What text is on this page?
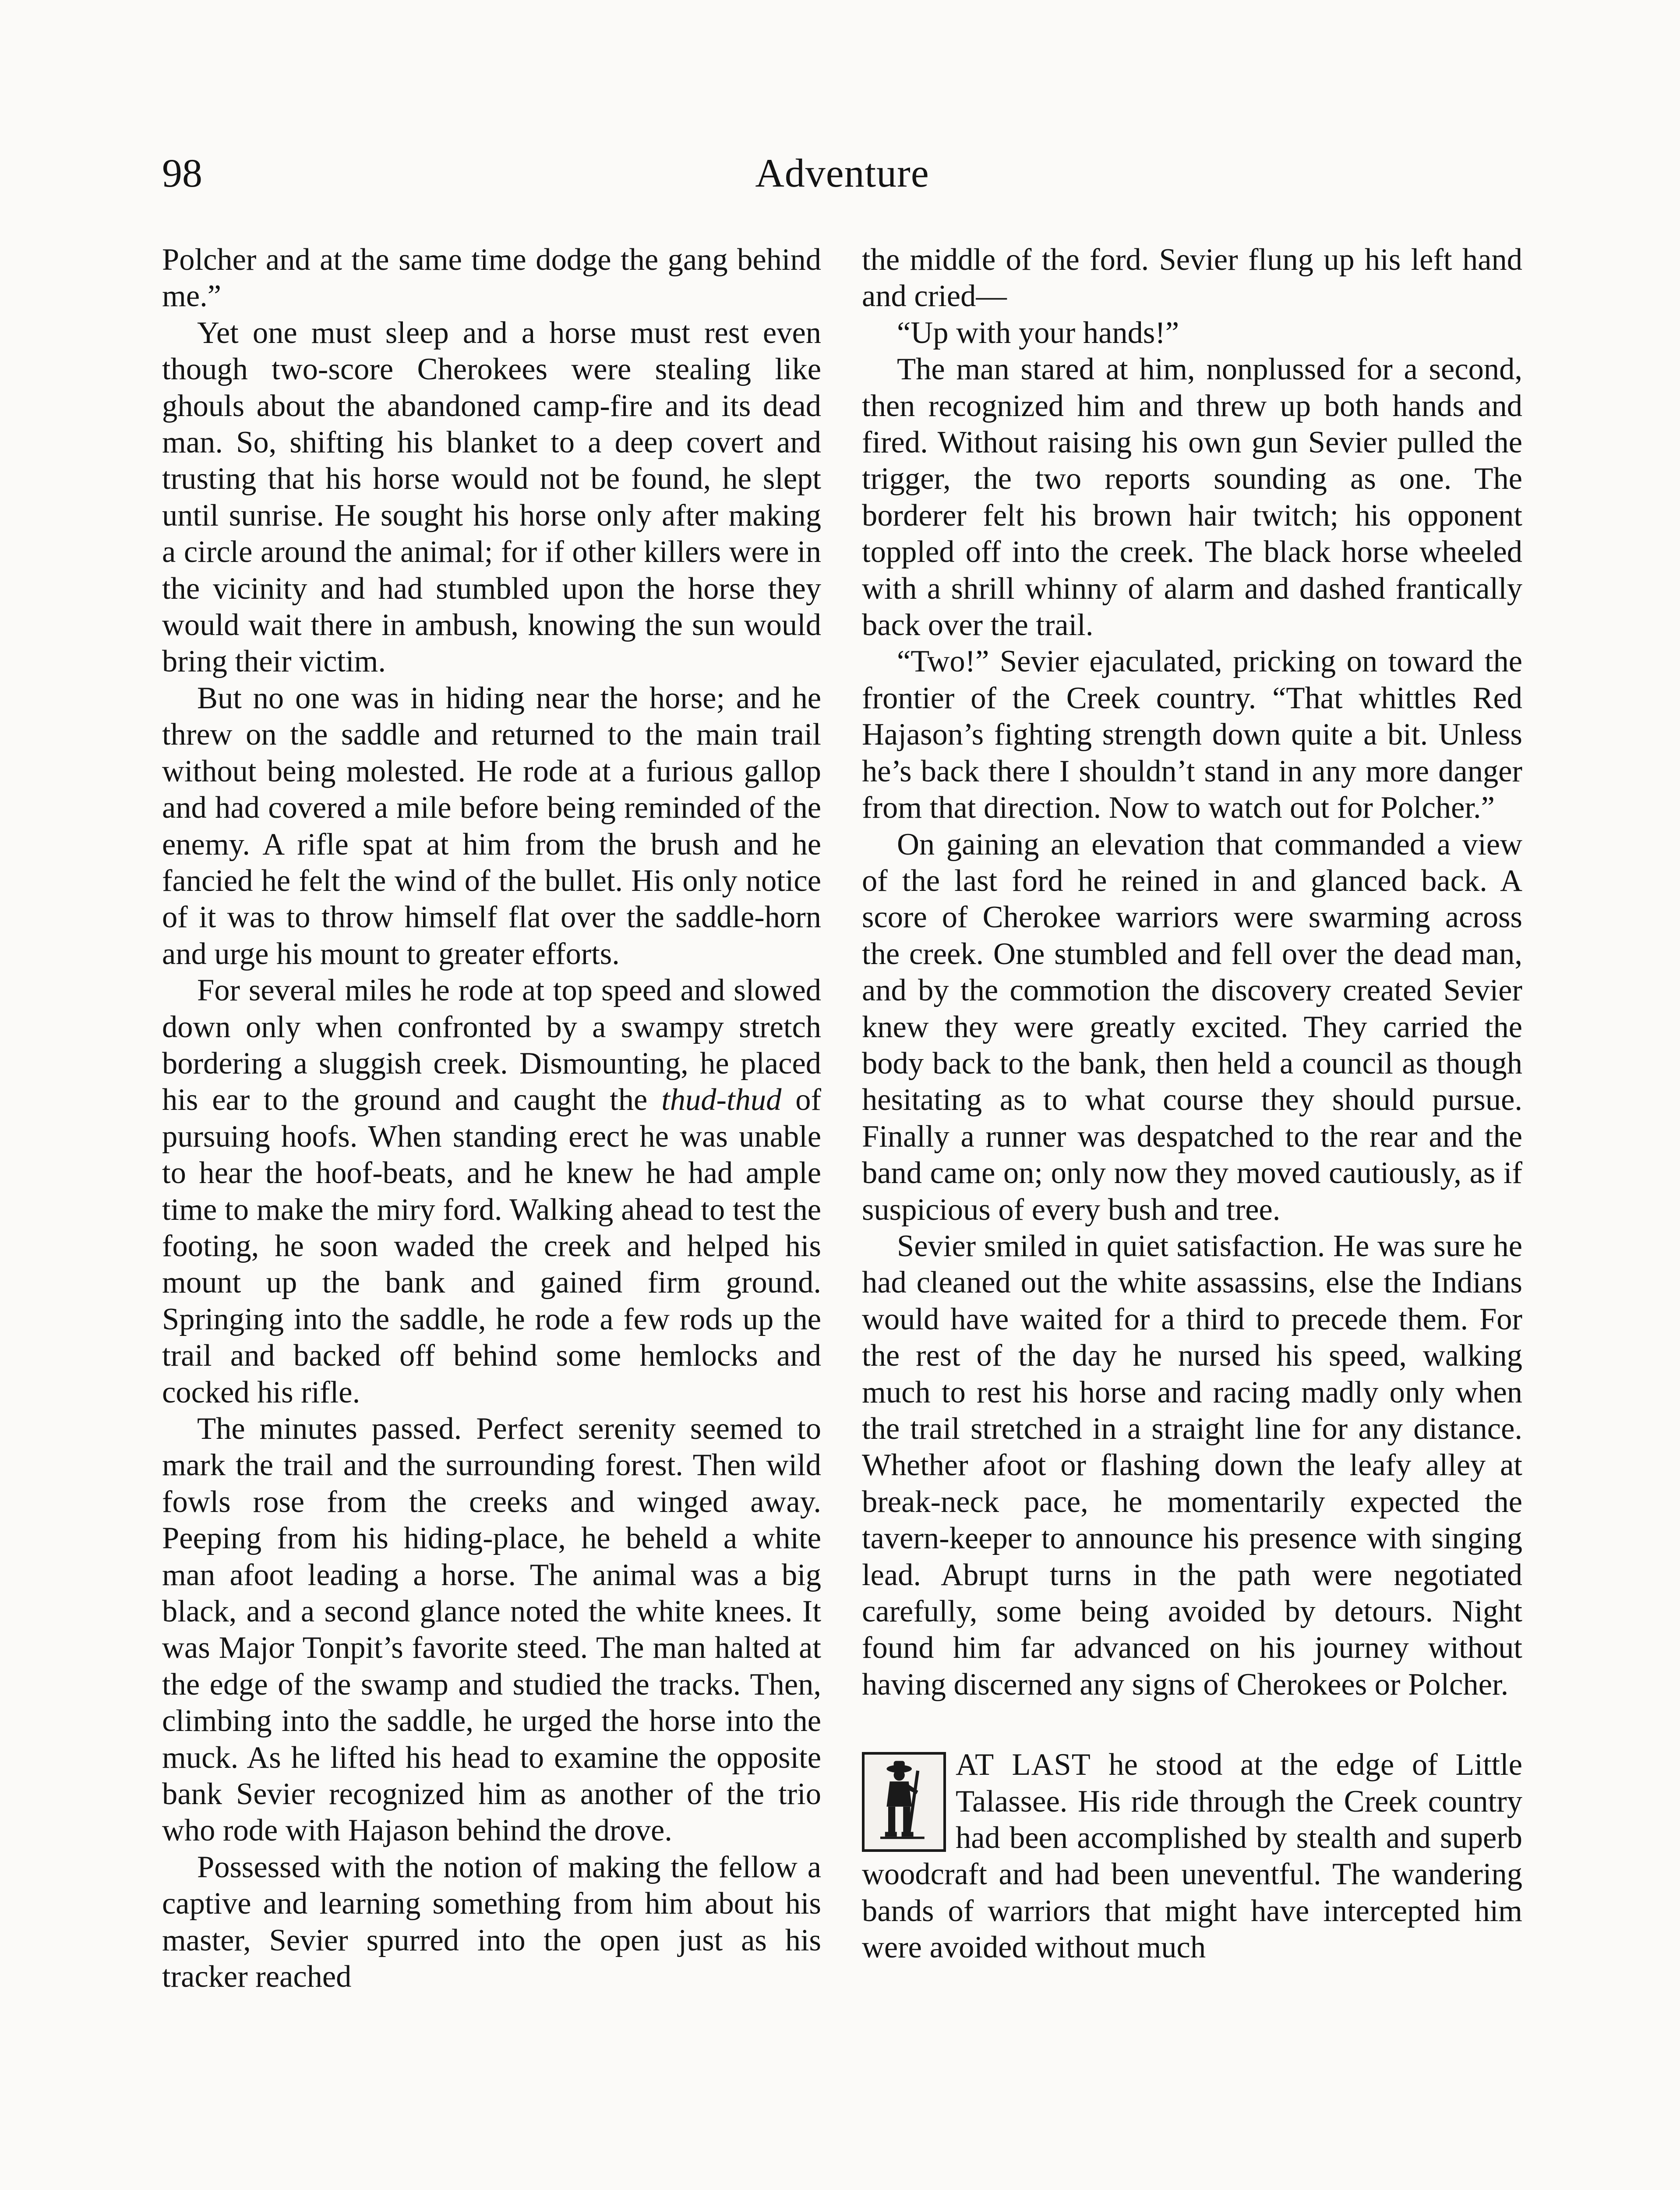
98	Adventure

Polcher and at the same time dodge the gang behind me.”

Yet one must sleep and a horse must rest even though two-score Cherokees were stealing like ghouls about the abandoned camp-fire and its dead man. So, shifting his blanket to a deep covert and trusting that his horse would not be found, he slept until sunrise. He sought his horse only after making a circle around the animal; for if other killers were in the vicinity and had stumbled upon the horse they would wait there in ambush, knowing the sun would bring their victim.

But no one was in hiding near the horse; and he threw on the saddle and returned to the main trail without being molested. He rode at a furious gallop and had covered a mile before being reminded of the enemy. A rifle spat at him from the brush and he fancied he felt the wind of the bullet. His only notice of it was to throw himself flat over the saddle-horn and urge his mount to greater efforts.

For several miles he rode at top speed and slowed down only when confronted by a swampy stretch bordering a sluggish creek. Dismounting, he placed his ear to the ground and caught the thud-thud of pursuing hoofs. When standing erect he was unable to hear the hoof-beats, and he knew he had ample time to make the miry ford. Walking ahead to test the footing, he soon waded the creek and helped his mount up the bank and gained firm ground. Springing into the saddle, he rode a few rods up the trail and backed off behind some hemlocks and cocked his rifle.

The minutes passed. Perfect serenity seemed to mark the trail and the surrounding forest. Then wild fowls rose from the creeks and winged away. Peeping from his hiding-place, he beheld a white man afoot leading a horse. The animal was a big black, and a second glance noted the white knees. It was Major Tonpit’s favorite steed. The man halted at the edge of the swamp and studied the tracks. Then, climbing into the saddle, he urged the horse into the muck. As he lifted his head to examine the opposite bank Sevier recognized him as another of the trio who rode with Hajason behind the drove.

Possessed with the notion of making the fellow a captive and learning something from him about his master, Sevier spurred into the open just as his tracker reached

the middle of the ford. Sevier flung up his left hand and cried—

“Up with your hands!”

The man stared at him, nonplussed for a second, then recognized him and threw up both hands and fired. Without raising his own gun Sevier pulled the trigger, the two reports sounding as one. The borderer felt his brown hair twitch; his opponent toppled off into the creek. The black horse wheeled with a shrill whinny of alarm and dashed frantically back over the trail.

“Two!” Sevier ejaculated, pricking on toward the frontier of the Creek country. “That whittles Red Hajason’s fighting strength down quite a bit. Unless he’s back there I shouldn’t stand in any more danger from that direction. Now to watch out for Polcher.”

On gaining an elevation that commanded a view of the last ford he reined in and glanced back. A score of Cherokee warriors were swarming across the creek. One stumbled and fell over the dead man, and by the commotion the discovery created Sevier knew they were greatly excited. They carried the body back to the bank, then held a council as though hesitating as to what course they should pursue. Finally a runner was despatched to the rear and the band came on; only now they moved cautiously, as if suspicious of every bush and tree.

Sevier smiled in quiet satisfaction. He was sure he had cleaned out the white assassins, else the Indians would have waited for a third to precede them. For the rest of the day he nursed his speed, walking much to rest his horse and racing madly only when the trail stretched in a straight line for any distance. Whether afoot or flashing down the leafy alley at break-neck pace, he momentarily expected the tavern-keeper to announce his presence with singing lead. Abrupt turns in the path were negotiated carefully, some being avoided by detours. Night found him far advanced on his journey without having discerned any signs of Cherokees or Polcher.

AT LAST he stood at the edge of Little Talassee. His ride through the Creek country had been accomplished by stealth and superb woodcraft and had been uneventful. The wandering bands of warriors that might have intercepted him were avoided without much
